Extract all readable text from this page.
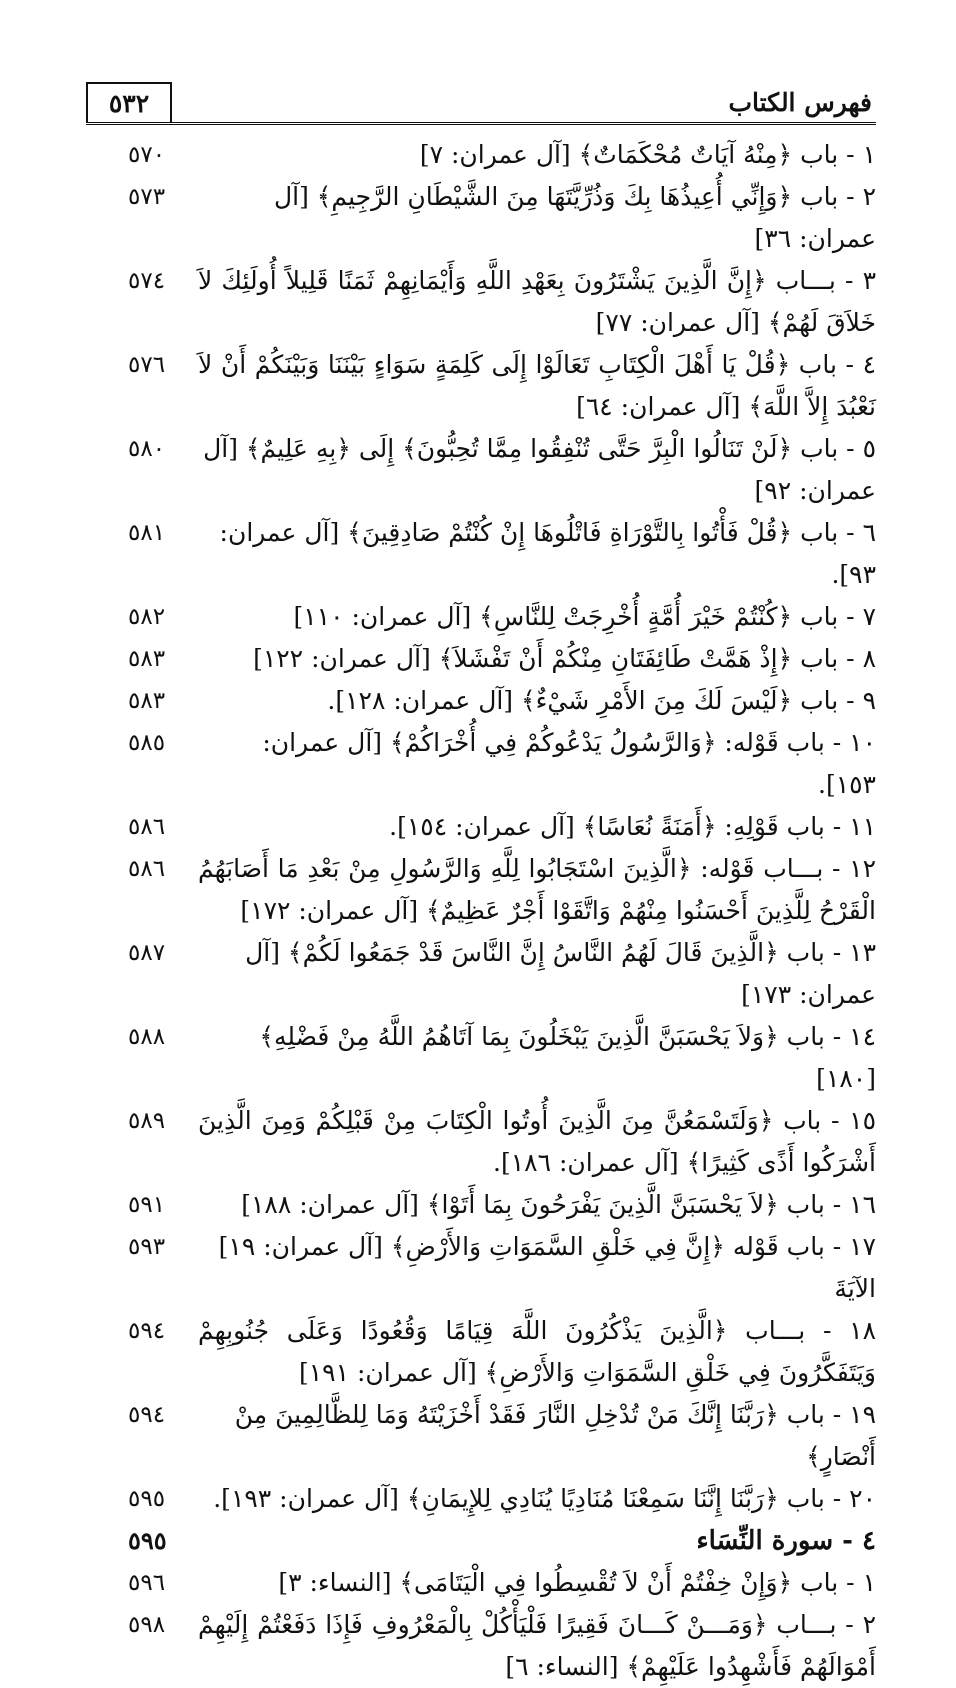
فهرس الكتاب
٥٣٢
١ - باب ﴿مِنْهُ آيَاتٌ مُحْكَمَاتٌ﴾ [آل عمران: ٧]
٥٧٠
٢ - باب ﴿وَإِنِّي أُعِيذُهَا بِكَ وَذُرِّيَّتَهَا مِنَ الشَّيْطَانِ الرَّجِيمِ﴾ [آل عمران: ٣٦]
٥٧٣
٣ - بـــاب ﴿إِنَّ الَّذِينَ يَشْتَرُونَ بِعَهْدِ اللَّهِ وَأَيْمَانِهِمْ ثَمَنًا قَلِيلاً أُولَئِكَ لاَ خَلاَقَ لَهُمْ﴾ [آل عمران: ٧٧]
٥٧٤
٤ - باب ﴿قُلْ يَا أَهْلَ الْكِتَابِ تَعَالَوْا إِلَى كَلِمَةٍ سَوَاءٍ بَيْنَنَا وَبَيْنَكُمْ أَنْ لاَ نَعْبُدَ إِلاَّ اللَّهَ﴾ [آل عمران: ٦٤]
٥٧٦
٥ - باب ﴿لَنْ تَنَالُوا الْبِرَّ حَتَّى تُنْفِقُوا مِمَّا تُحِبُّونَ﴾ إِلَى ﴿بِهِ عَلِيمٌ﴾ [آل عمران: ٩٢]
٥٨٠
٦ - باب ﴿قُلْ فَأْتُوا بِالتَّوْرَاةِ فَاتْلُوهَا إِنْ كُنْتُمْ صَادِقِينَ﴾ [آل عمران: ٩٣].
٥٨١
٧ - باب ﴿كُنْتُمْ خَيْرَ أُمَّةٍ أُخْرِجَتْ لِلنَّاسِ﴾ [آل عمران: ١١٠]
٥٨٢
٨ - باب ﴿إِذْ هَمَّتْ طَائِفَتَانِ مِنْكُمْ أَنْ تَفْشَلاَ﴾ [آل عمران: ١٢٢]
٥٨٣
٩ - باب ﴿لَيْسَ لَكَ مِنَ الأَمْرِ شَيْءٌ﴾ [آل عمران: ١٢٨].
٥٨٣
١٠ - باب قَوْله: ﴿وَالرَّسُولُ يَدْعُوكُمْ فِي أُخْرَاكُمْ﴾ [آل عمران: ١٥٣].
٥٨٥
١١ - باب قَوْلِهِ: ﴿أَمَنَةً نُعَاسًا﴾ [آل عمران: ١٥٤].
٥٨٦
١٢ - بـــاب قَوْله: ﴿الَّذِينَ اسْتَجَابُوا لِلَّهِ وَالرَّسُولِ مِنْ بَعْدِ مَا أَصَابَهُمُ الْقَرْحُ لِلَّذِينَ أَحْسَنُوا مِنْهُمْ وَاتَّقَوْا أَجْرٌ عَظِيمٌ﴾ [آل عمران: ١٧٢]
٥٨٦
١٣ - باب ﴿الَّذِينَ قَالَ لَهُمُ النَّاسُ إِنَّ النَّاسَ قَدْ جَمَعُوا لَكُمْ﴾ [آل عمران: ١٧٣]
٥٨٧
١٤ - باب ﴿وَلاَ يَحْسَبَنَّ الَّذِينَ يَبْخَلُونَ بِمَا آتَاهُمُ اللَّهُ مِنْ فَضْلِهِ﴾ [١٨٠]
٥٨٨
١٥ - باب ﴿وَلَتَسْمَعُنَّ مِنَ الَّذِينَ أُوتُوا الْكِتَابَ مِنْ قَبْلِكُمْ وَمِنَ الَّذِينَ أَشْرَكُوا أَذًى كَثِيرًا﴾ [آل عمران: ١٨٦].
٥٨٩
١٦ - باب ﴿لاَ يَحْسَبَنَّ الَّذِينَ يَفْرَحُونَ بِمَا أَتَوْا﴾ [آل عمران: ١٨٨]
٥٩١
١٧ - باب قَوْله ﴿إِنَّ فِي خَلْقِ السَّمَوَاتِ وَالأَرْضِ﴾ [آل عمران: ١٩] الآيَةَ
٥٩٣
١٨ - بـــاب ﴿الَّذِينَ يَذْكُرُونَ اللَّهَ قِيَامًا وَقُعُودًا وَعَلَى جُنُوبِهِمْ وَيَتَفَكَّرُونَ فِي خَلْقِ السَّمَوَاتِ وَالأَرْضِ﴾ [آل عمران: ١٩١]
٥٩٤
١٩ - باب ﴿رَبَّنَا إِنَّكَ مَنْ تُدْخِلِ النَّارَ فَقَدْ أَخْزَيْتَهُ وَمَا لِلظَّالِمِينَ مِنْ أَنْصَارٍ﴾
٥٩٤
٢٠ - باب ﴿رَبَّنَا إِنَّنَا سَمِعْنَا مُنَادِيًا يُنَادِي لِلإِيمَانِ﴾ [آل عمران: ١٩٣].
٥٩٥
٤ - سورة النِّسَاء
٥٩٥
١ - باب ﴿وَإِنْ خِفْتُمْ أَنْ لاَ تُقْسِطُوا فِي الْيَتَامَى﴾ [النساء: ٣]
٥٩٦
٢ - بـــاب ﴿وَمَـــنْ كَـــانَ فَقِيرًا فَلْيَأْكُلْ بِالْمَعْرُوفِ فَإِذَا دَفَعْتُمْ إِلَيْهِمْ أَمْوَالَهُمْ فَأَشْهِدُوا عَلَيْهِمْ﴾ [النساء: ٦]
٥٩٨
